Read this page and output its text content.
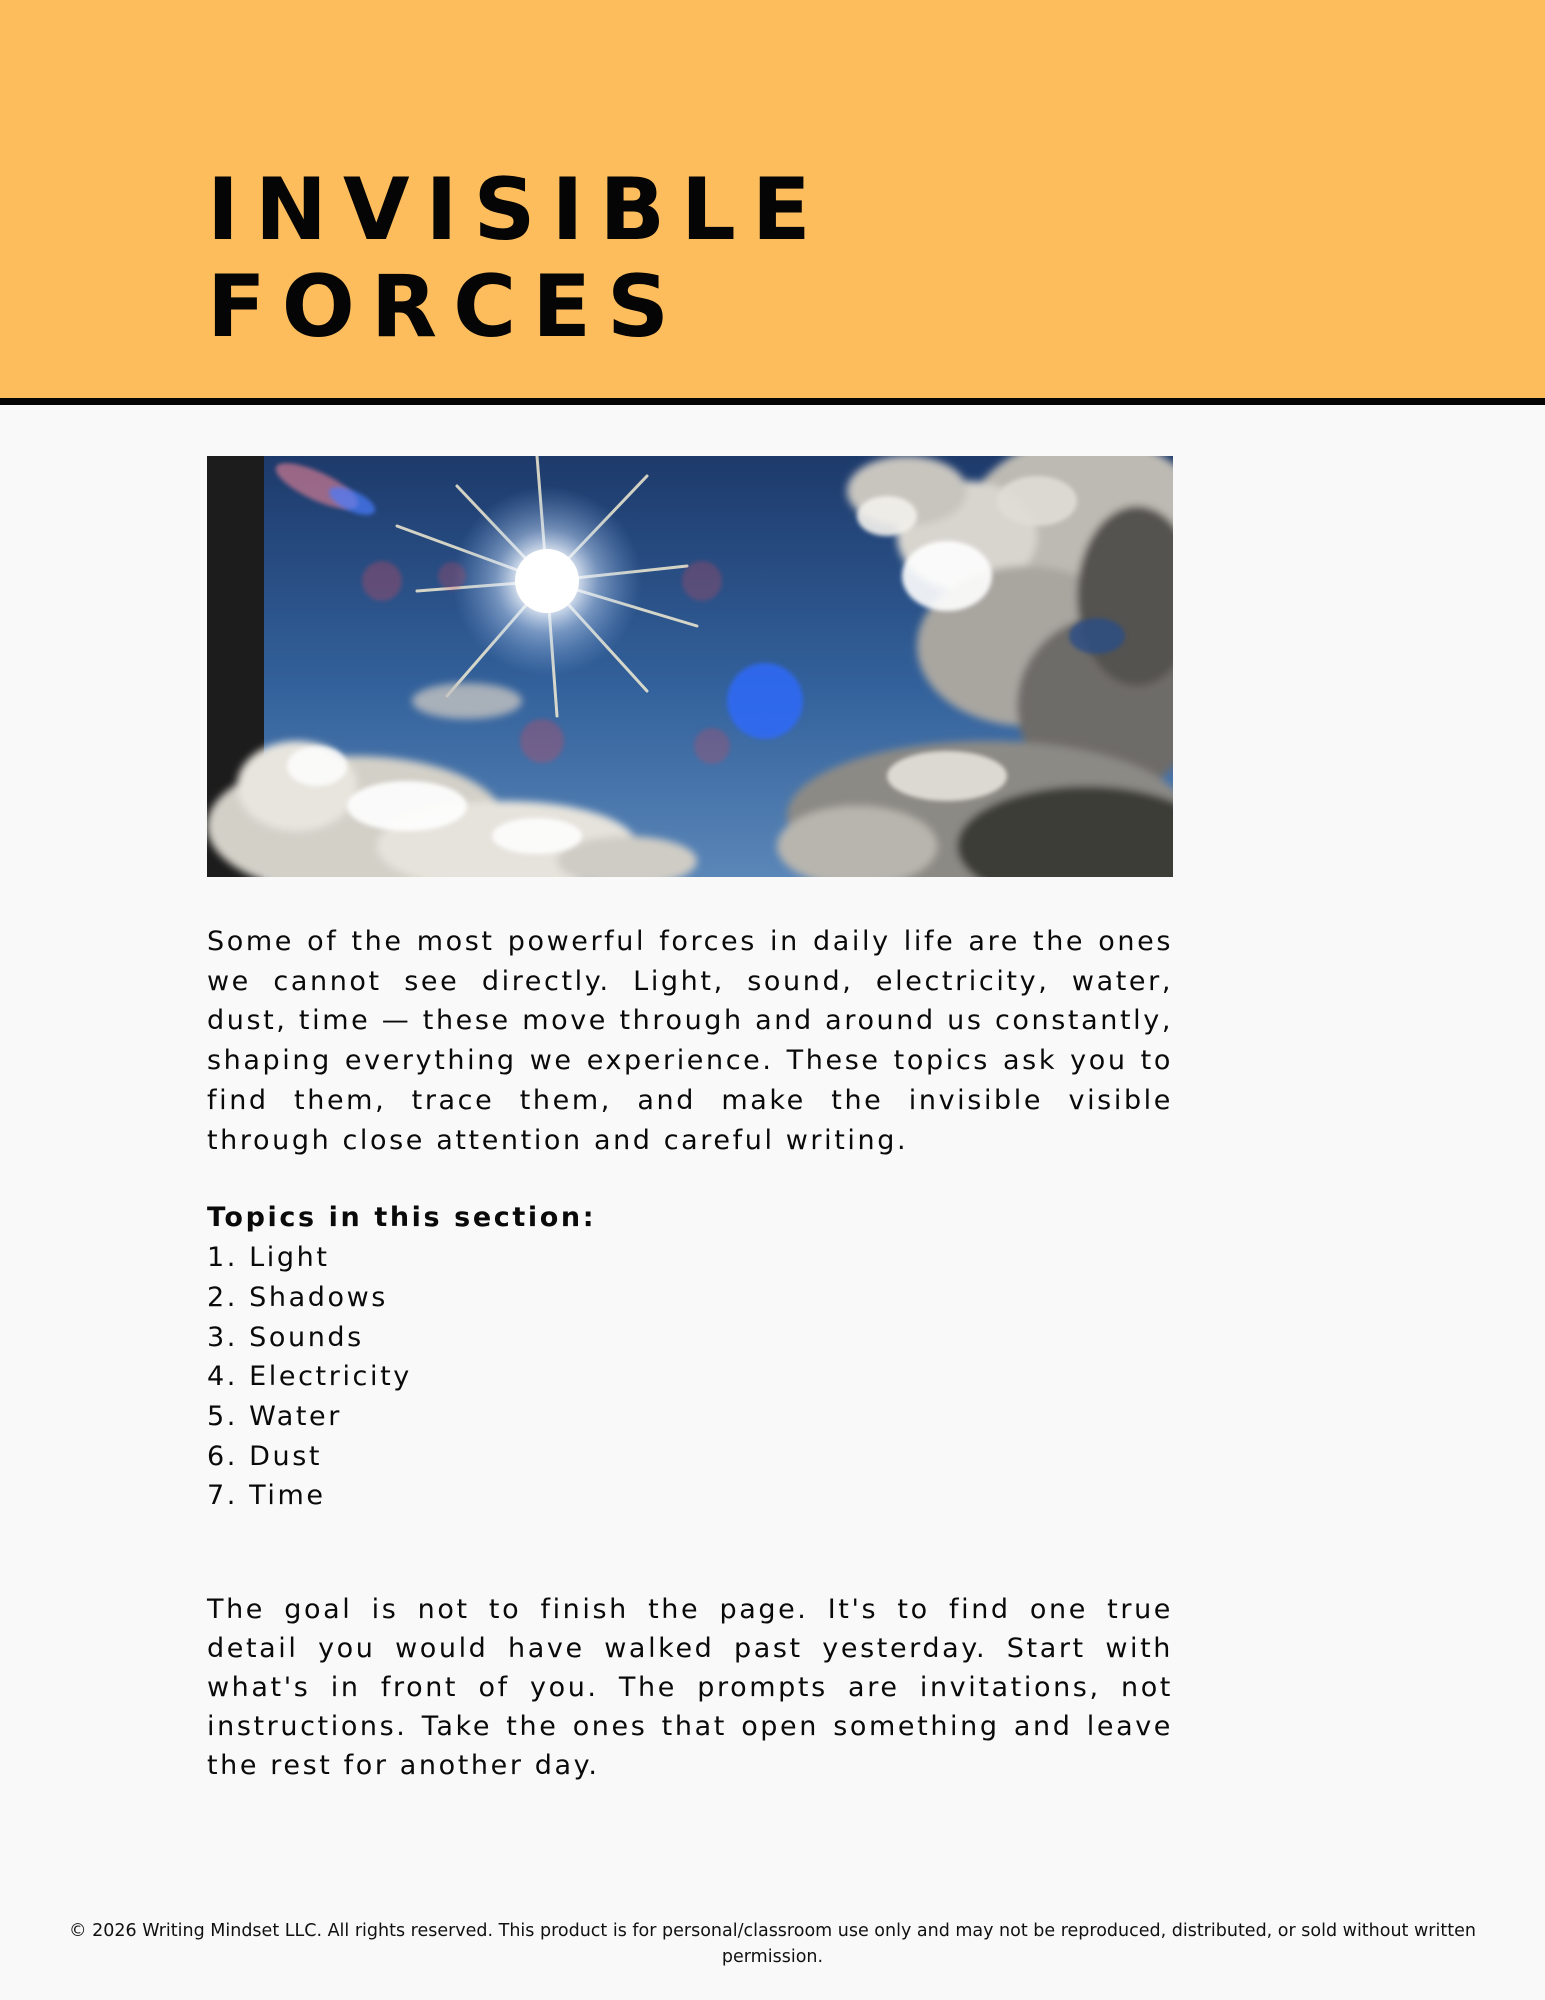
INVISIBLE
FORCES

Some of the most powerful forces in daily life are the ones we cannot see directly. Light, sound, electricity, water, dust, time — these move through and around us constantly, shaping everything we experience. These topics ask you to find them, trace them, and make the invisible visible through close attention and careful writing.

Topics in this section:
1. Light
2. Shadows
3. Sounds
4. Electricity
5. Water
6. Dust
7. Time

The goal is not to finish the page. It's to find one true detail you would have walked past yesterday. Start with what's in front of you. The prompts are invitations, not instructions. Take the ones that open something and leave the rest for another day.

© 2026 Writing Mindset LLC. All rights reserved. This product is for personal/classroom use only and may not be reproduced, distributed, or sold without written permission.
